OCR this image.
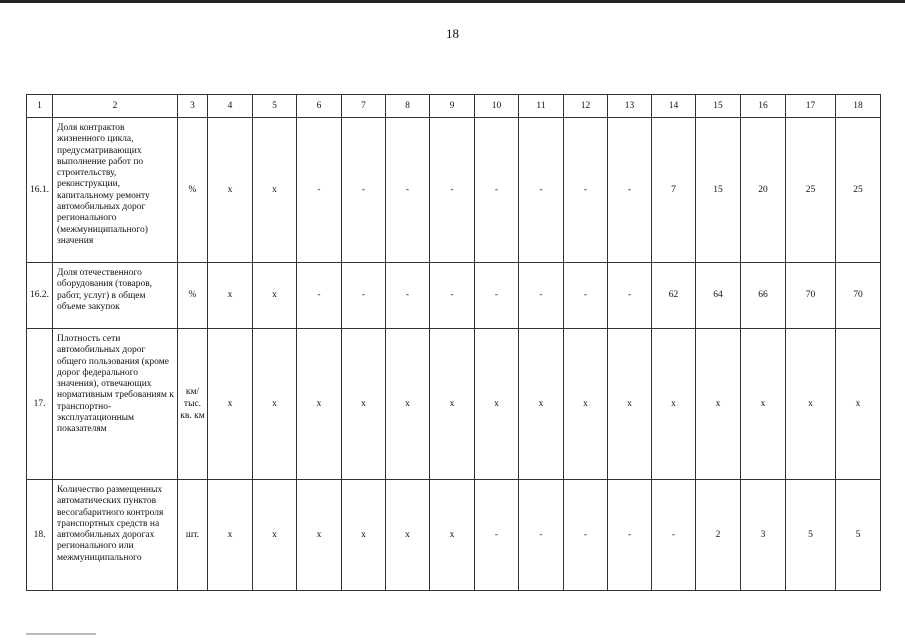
18
1	2	3	4	5	6	7	8	9	10	11	12	13	14	15	16	17	18
16.1.	Доля контрактов жизненного цикла, предусматривающих выполнение работ по строительству, реконструкции, капитальному ремонту автомобильных дорог регионального (межмуниципального) значения	%	х	х	-	-	-	-	-	-	-	-	7	15	20	25	25
16.2.	Доля отечественного оборудования (товаров, работ, услуг) в общем объеме закупок	%	х	х	-	-	-	-	-	-	-	-	62	64	66	70	70
17.	Плотность сети автомобильных дорог общего пользования (кроме дорог федерального значения), отвечающих нормативным требованиям к транспортно-эксплуатационным показателям	км/ тыс. кв. км	х	х	х	х	х	х	х	х	х	х	х	х	х	х	х
18.	Количество размещенных автоматических пунктов весогабаритного контроля транспортных средств на автомобильных дорогах регионального или межмуниципального	шт.	х	х	х	х	х	х	-	-	-	-	-	2	3	5	5
